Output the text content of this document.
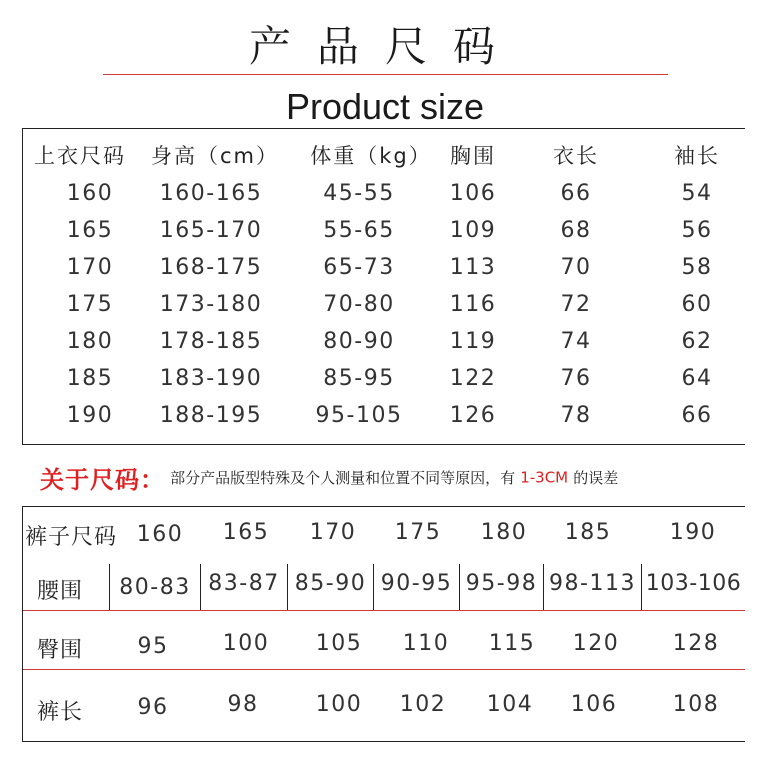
产品尺码
Product size
上衣尺码	身高（cm）	体重（kg） 胸围	衣长	袖长
160	160-165	45-55	106	66	54
165	165-170	55-65	109	68	56
170	168-175	65-73	113	70	58
175	173-180	70-80	116	72	60
180	178-185	80-90	119	74	62
185	183-190	85-95	122	76	64
190	188-195	95-105	126	78	66
关于尺码： 部分产品版型特殊及个人测量和位置不同等原因，有 1-3CM 的误差
裤子尺码 160	165	170	175	180	185	190
腰围	80-83 83-87 85-90 90-95 95-98 98-113 103-106
臀围	95	100	105	110	115	120	128
裤长	96	98	100	102	104	106	108
